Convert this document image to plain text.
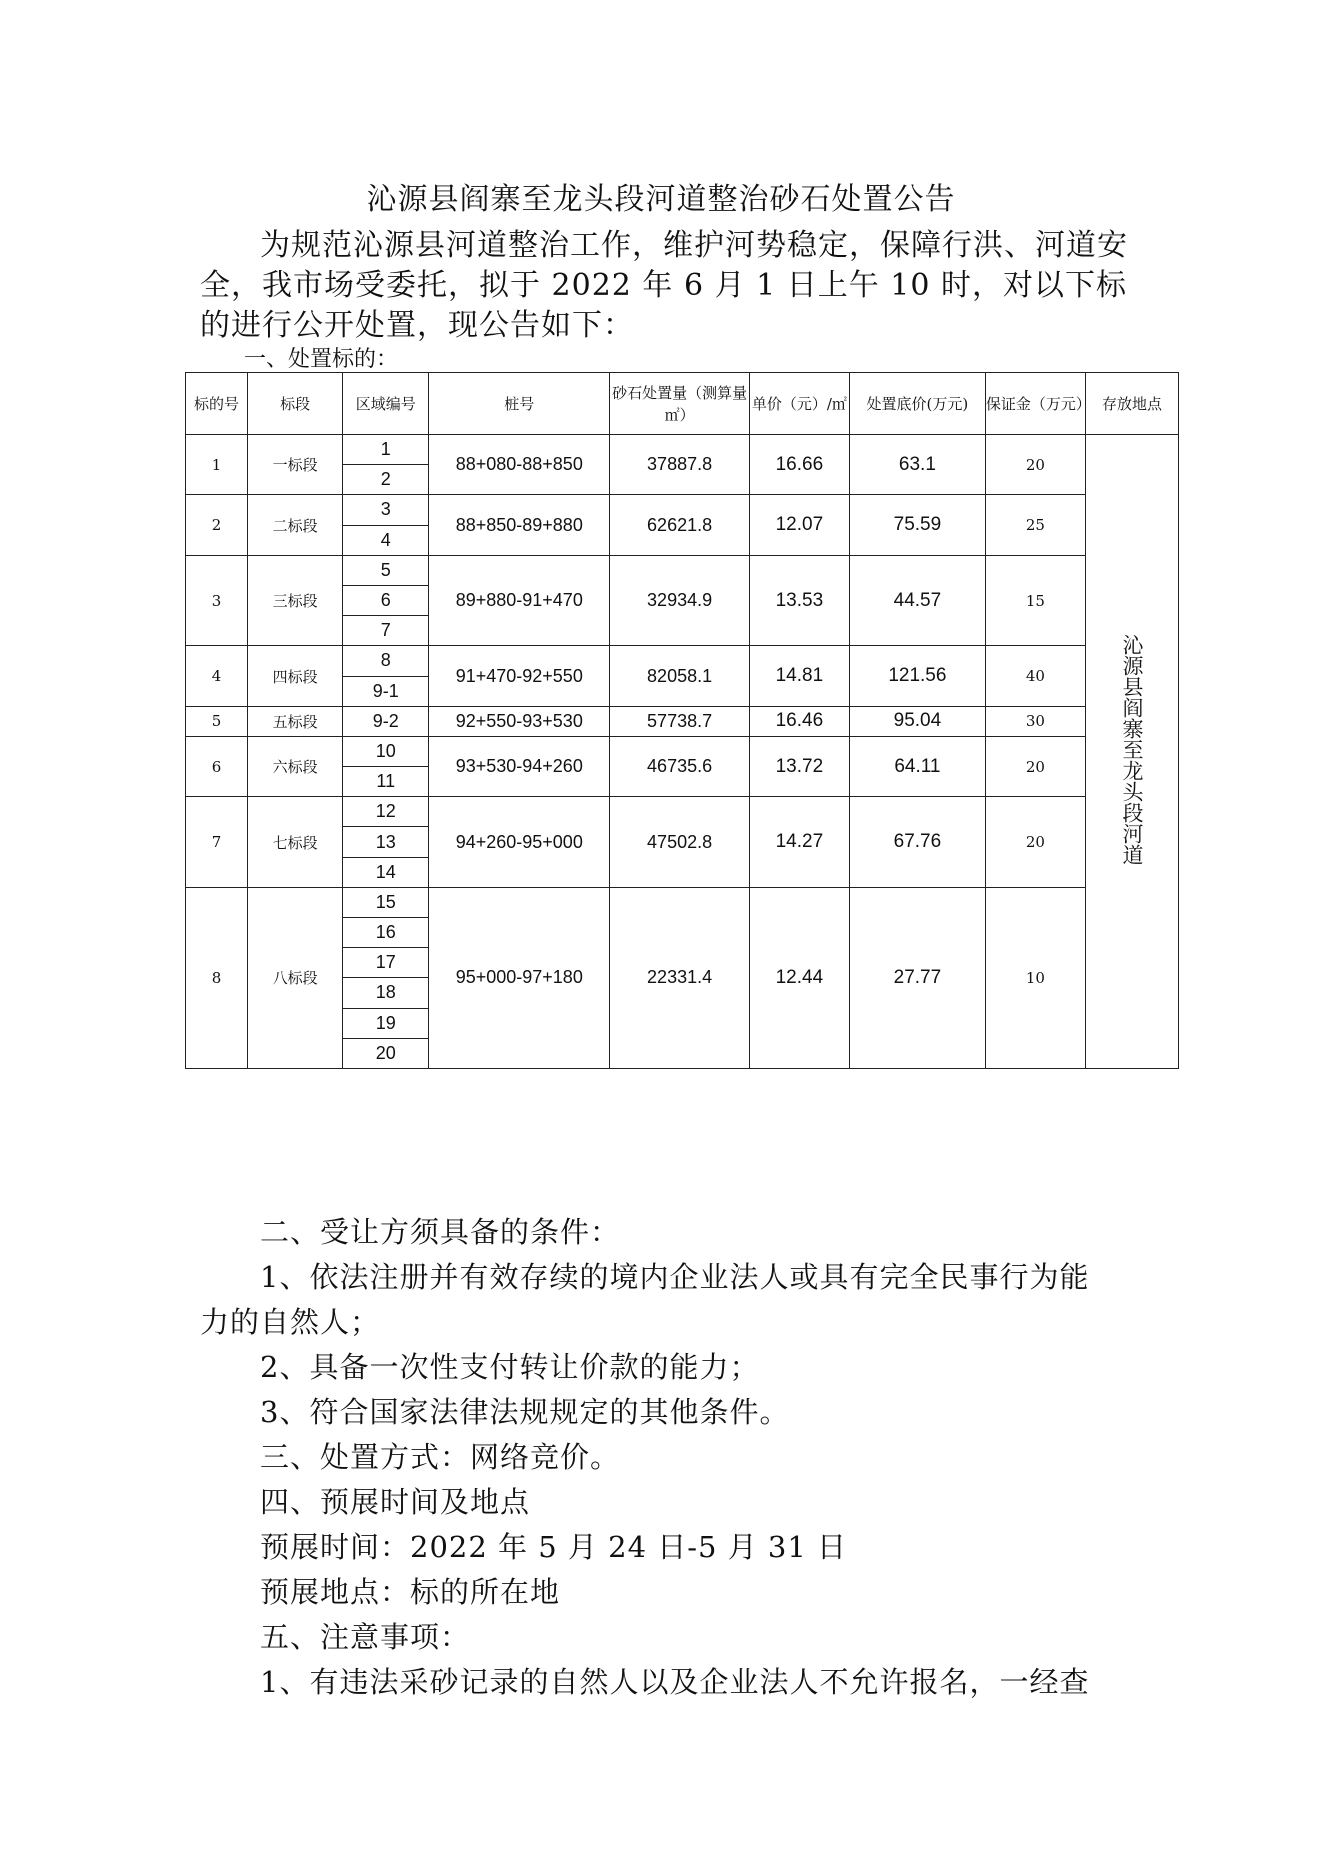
沁源县阎寨至龙头段河道整治砂石处置公告
为规范沁源县河道整治工作，维护河势稳定，保障行洪、河道安全，我市场受委托，拟于 2022 年 6 月 1 日上午 10 时，对以下标的进行公开处置，现公告如下：
一、处置标的：
标的号	标段	区域编号	桩号	砂石处置量（测算量㎡）	单价（元）/㎡	处置底价(万元)	保证金（万元）	存放地点
1	一标段	1	88+080-88+850	37887.8	16.66	63.1	20	沁源县阎寨至龙头段河道
		2						
2	二标段	3	88+850-89+880	62621.8	12.07	75.59	25	
		4						
3	三标段	5	89+880-91+470	32934.9	13.53	44.57	15	
		6						
		7						
4	四标段	8	91+470-92+550	82058.1	14.81	121.56	40	
		9-1						
5	五标段	9-2	92+550-93+530	57738.7	16.46	95.04	30	
6	六标段	10	93+530-94+260	46735.6	13.72	64.11	20	
		11						
7	七标段	12	94+260-95+000	47502.8	14.27	67.76	20	
		13						
		14						
8	八标段	15	95+000-97+180	22331.4	12.44	27.77	10	
		16						
		17						
		18						
		19						
		20						

二、受让方须具备的条件：

1、依法注册并有效存续的境内企业法人或具有完全民事行为能

力的自然人；

2、具备一次性支付转让价款的能力；

3、符合国家法律法规规定的其他条件。

三、处置方式：网络竞价。

四、预展时间及地点

预展时间：2022 年 5 月 24 日-5 月 31 日

预展地点：标的所在地

五、注意事项：

1、有违法采砂记录的自然人以及企业法人不允许报名，一经查
